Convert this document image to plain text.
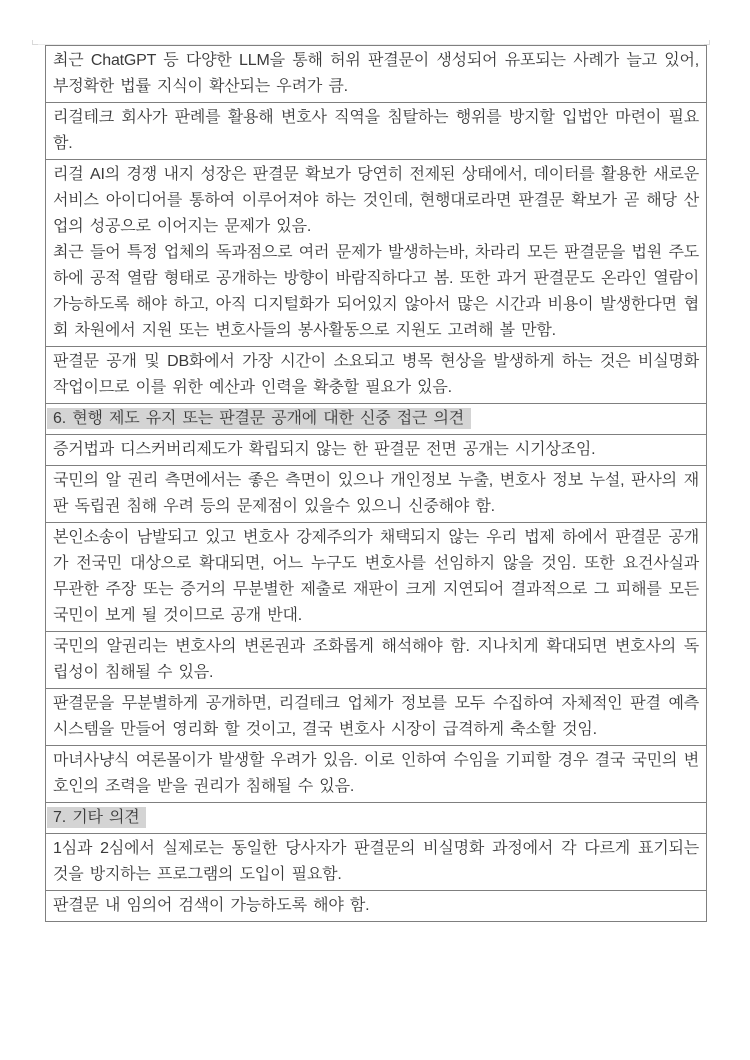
최근 ChatGPT 등 다양한 LLM을 통해 허위 판결문이 생성되어 유포되는 사례가 늘고 있어, 부정확한 법률 지식이 확산되는 우려가 큼.

리걸테크 회사가 판례를 활용해 변호사 직역을 침탈하는 행위를 방지할 입법안 마련이 필요함.

리걸 AI의 경쟁 내지 성장은 판결문 확보가 당연히 전제된 상태에서, 데이터를 활용한 새로운 서비스 아이디어를 통하여 이루어져야 하는 것인데, 현행대로라면 판결문 확보가 곧 해당 산업의 성공으로 이어지는 문제가 있음.

최근 들어 특정 업체의 독과점으로 여러 문제가 발생하는바, 차라리 모든 판결문을 법원 주도하에 공적 열람 형태로 공개하는 방향이 바람직하다고 봄. 또한 과거 판결문도 온라인 열람이 가능하도록 해야 하고, 아직 디지털화가 되어있지 않아서 많은 시간과 비용이 발생한다면 협회 차원에서 지원 또는 변호사들의 봉사활동으로 지원도 고려해 볼 만함.

판결문 공개 및 DB화에서 가장 시간이 소요되고 병목 현상을 발생하게 하는 것은 비실명화 작업이므로 이를 위한 예산과 인력을 확충할 필요가 있음.

6. 현행 제도 유지 또는 판결문 공개에 대한 신중 접근 의견

증거법과 디스커버리제도가 확립되지 않는 한 판결문 전면 공개는 시기상조임.

국민의 알 권리 측면에서는 좋은 측면이 있으나 개인정보 누출, 변호사 정보 누설, 판사의 재판 독립권 침해 우려 등의 문제점이 있을수 있으니 신중해야 함.

본인소송이 남발되고 있고 변호사 강제주의가 채택되지 않는 우리 법제 하에서 판결문 공개가 전국민 대상으로 확대되면, 어느 누구도 변호사를 선임하지 않을 것임. 또한 요건사실과 무관한 주장 또는 증거의 무분별한 제출로 재판이 크게 지연되어 결과적으로 그 피해를 모든 국민이 보게 될 것이므로 공개 반대.

국민의 알권리는 변호사의 변론권과 조화롭게 해석해야 함. 지나치게 확대되면 변호사의 독립성이 침해될 수 있음.

판결문을 무분별하게 공개하면, 리걸테크 업체가 정보를 모두 수집하여 자체적인 판결 예측 시스템을 만들어 영리화 할 것이고, 결국 변호사 시장이 급격하게 축소할 것임.

마녀사냥식 여론몰이가 발생할 우려가 있음. 이로 인하여 수임을 기피할 경우 결국 국민의 변호인의 조력을 받을 권리가 침해될 수 있음.

7. 기타 의견

1심과 2심에서 실제로는 동일한 당사자가 판결문의 비실명화 과정에서 각 다르게 표기되는 것을 방지하는 프로그램의 도입이 필요함.

판결문 내 임의어 검색이 가능하도록 해야 함.
